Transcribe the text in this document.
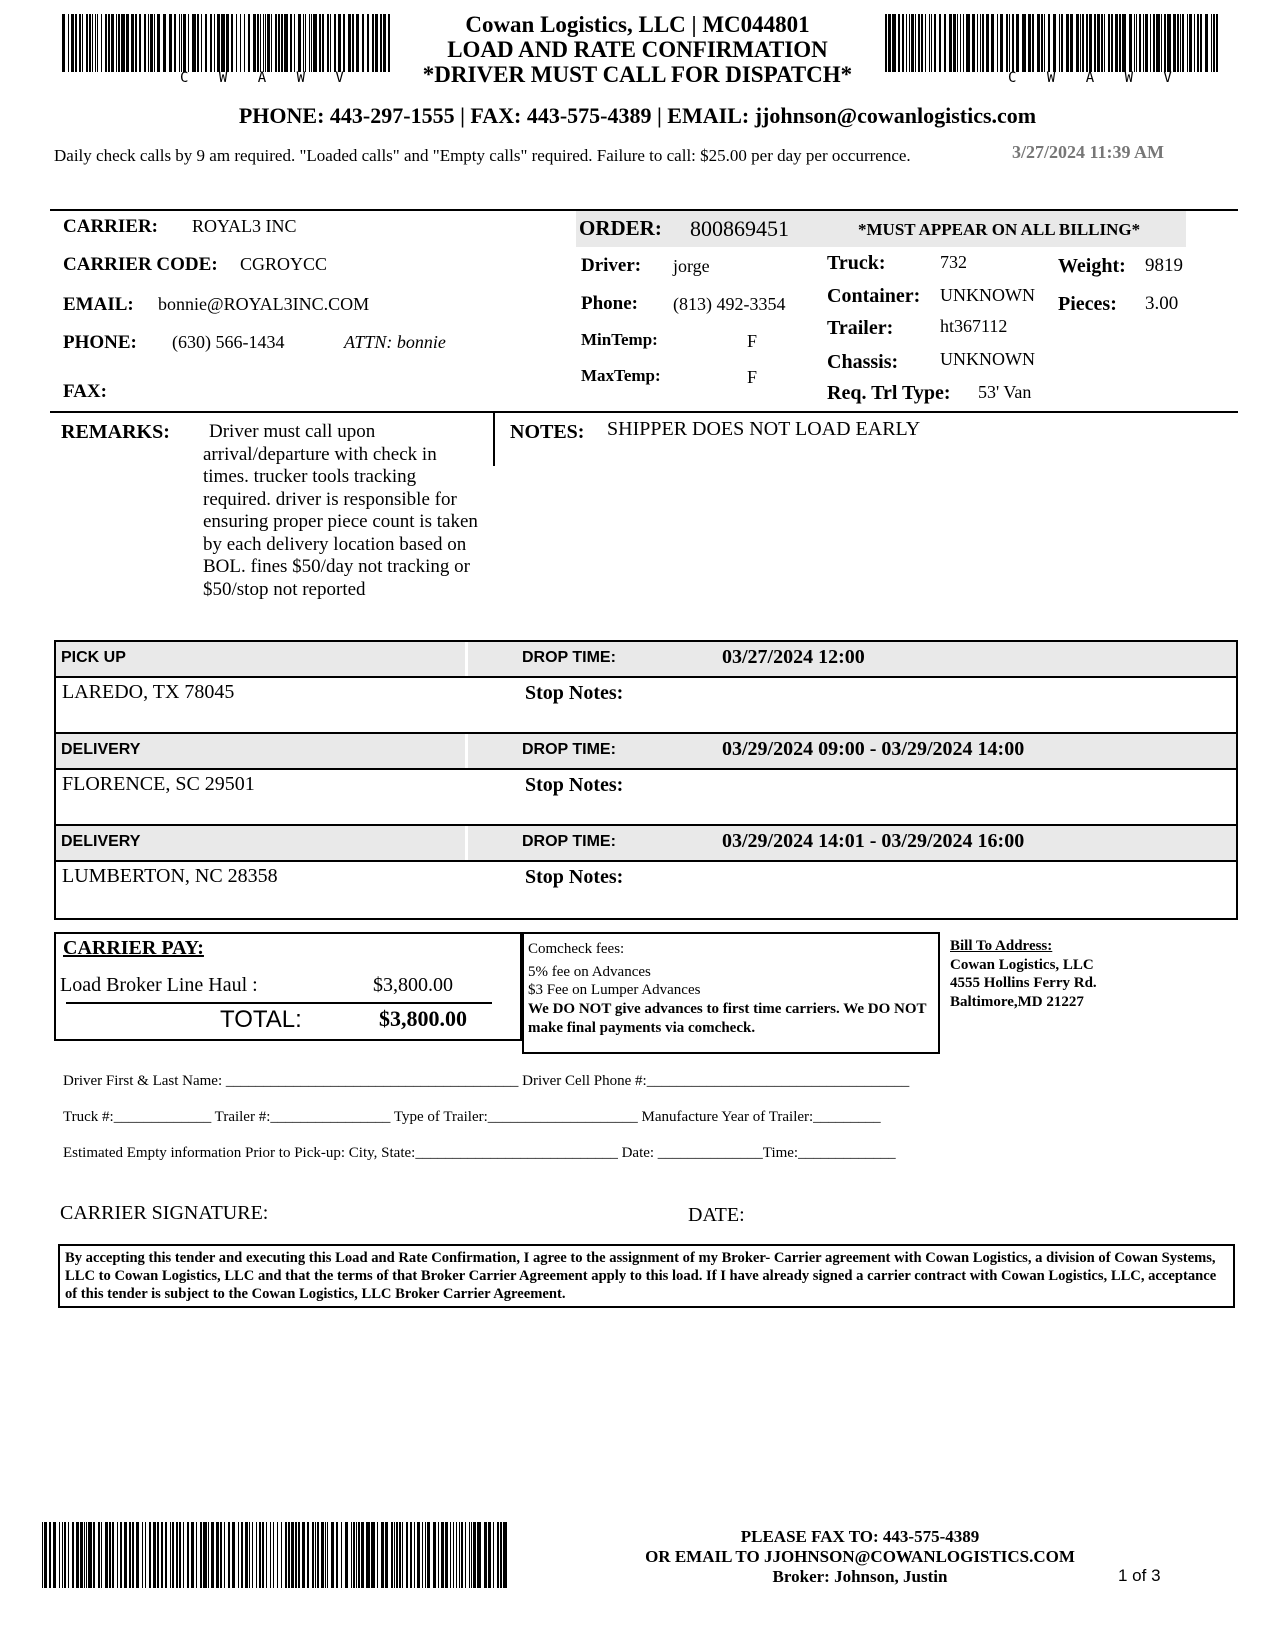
C W A W V	C W A W V
Cowan Logistics, LLC | MC044801
LOAD AND RATE CONFIRMATION
*DRIVER MUST CALL FOR DISPATCH*
PHONE: 443-297-1555 | FAX: 443-575-4389 | EMAIL: jjohnson@cowanlogistics.com
Daily check calls by 9 am required. "Loaded calls" and "Empty calls" required. Failure to call: $25.00 per day per occurrence.	3/27/2024 11:39 AM
CARRIER: ROYAL3 INC
CARRIER CODE: CGROYCC
EMAIL: bonnie@ROYAL3INC.COM
PHONE: (630) 566-1434	ATTN: bonnie
FAX:
ORDER: 800869451	*MUST APPEAR ON ALL BILLING*
Driver: jorge
Phone: (813) 492-3354
MinTemp:	F
MaxTemp:	F
Truck:	732
Container: UNKNOWN
Trailer:	ht367112
Chassis: UNKNOWN
Req. Trl Type: 53' Van
Weight: 9819
Pieces: 3.00
REMARKS:	Driver must call upon arrival/departure with check in times. trucker tools tracking required. driver is responsible for ensuring proper piece count is taken by each delivery location based on BOL. fines $50/day not tracking or $50/stop not reported
NOTES: SHIPPER DOES NOT LOAD EARLY
PICK UP	DROP TIME:	03/27/2024 12:00
LAREDO, TX 78045	Stop Notes:
DELIVERY	DROP TIME:	03/29/2024 09:00 - 03/29/2024 14:00
FLORENCE, SC 29501	Stop Notes:
DELIVERY	DROP TIME:	03/29/2024 14:01 - 03/29/2024 16:00
LUMBERTON, NC 28358	Stop Notes:
CARRIER PAY:
Load Broker Line Haul :	$3,800.00
TOTAL:	$3,800.00
Comcheck fees:
5% fee on Advances
$3 Fee on Lumper Advances
We DO NOT give advances to first time carriers. We DO NOT make final payments via comcheck.
Bill To Address:
Cowan Logistics, LLC
4555 Hollins Ferry Rd.
Baltimore,MD 21227
Driver First & Last Name: _______________________________________ Driver Cell Phone #:___________________________________
Truck #:_____________ Trailer #:________________ Type of Trailer:____________________ Manufacture Year of Trailer:_________
Estimated Empty information Prior to Pick-up: City, State:___________________________ Date: ______________Time:_____________
CARRIER SIGNATURE:	DATE:
By accepting this tender and executing this Load and Rate Confirmation, I agree to the assignment of my Broker- Carrier agreement with Cowan Logistics, a division of Cowan Systems, LLC to Cowan Logistics, LLC and that the terms of that Broker Carrier Agreement apply to this load. If I have already signed a carrier contract with Cowan Logistics, LLC, acceptance of this tender is subject to the Cowan Logistics, LLC Broker Carrier Agreement.
PLEASE FAX TO: 443-575-4389
OR EMAIL TO JJOHNSON@COWANLOGISTICS.COM
Broker: Johnson, Justin	1 of 3
